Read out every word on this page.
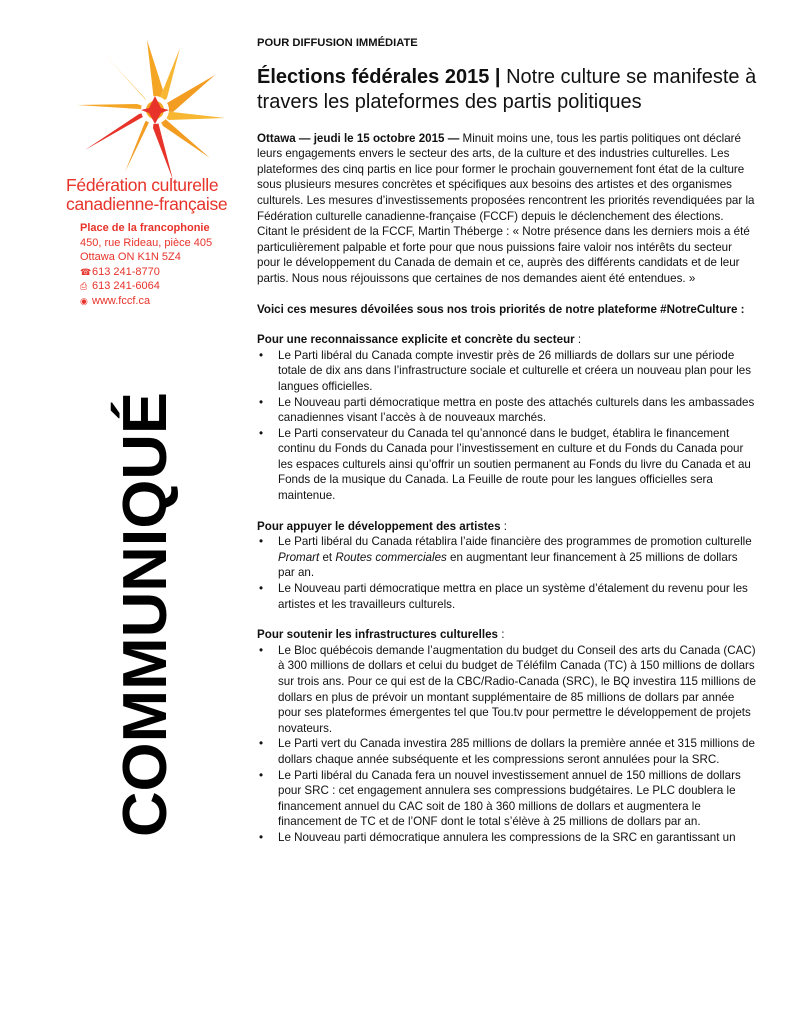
Fédération culturelle
canadienne-française
Place de la francophonie
450, rue Rideau, pièce 405
Ottawa ON K1N 5Z4
☎613 241-8770
⎙ 613 241-6064
◉ www.fccf.ca
COMMUNIQUÉ
POUR DIFFUSION IMMÉDIATE
Élections fédérales 2015 | Notre culture se manifeste à travers les plateformes des partis politiques

Ottawa — jeudi le 15 octobre 2015 — Minuit moins une, tous les partis politiques ont déclaré leurs engagements envers le secteur des arts, de la culture et des industries culturelles. Les plateformes des cinq partis en lice pour former le prochain gouvernement font état de la culture sous plusieurs mesures concrètes et spécifiques aux besoins des artistes et des organismes culturels. Les mesures d’investissements proposées rencontrent les priorités revendiquées par la Fédération culturelle canadienne-française (FCCF) depuis le déclenchement des élections. Citant le président de la FCCF, Martin Théberge : « Notre présence dans les derniers mois a été particulièrement palpable et forte pour que nous puissions faire valoir nos intérêts du secteur pour le développement du Canada de demain et ce, auprès des différents candidats et de leur partis. Nous nous réjouissons que certaines de nos demandes aient été entendues. »

Voici ces mesures dévoilées sous nos trois priorités de notre plateforme #NotreCulture :

Pour une reconnaissance explicite et concrète du secteur :
• Le Parti libéral du Canada compte investir près de 26 milliards de dollars sur une période totale de dix ans dans l’infrastructure sociale et culturelle et créera un nouveau plan pour les langues officielles.
• Le Nouveau parti démocratique mettra en poste des attachés culturels dans les ambassades canadiennes visant l’accès à de nouveaux marchés.
• Le Parti conservateur du Canada tel qu’annoncé dans le budget, établira le financement continu du Fonds du Canada pour l’investissement en culture et du Fonds du Canada pour les espaces culturels ainsi qu’offrir un soutien permanent au Fonds du livre du Canada et au Fonds de la musique du Canada. La Feuille de route pour les langues officielles sera maintenue.
Pour appuyer le développement des artistes :
• Le Parti libéral du Canada rétablira l’aide financière des programmes de promotion culturelle Promart et Routes commerciales en augmentant leur financement à 25 millions de dollars par an.
• Le Nouveau parti démocratique mettra en place un système d’étalement du revenu pour les artistes et les travailleurs culturels.
Pour soutenir les infrastructures culturelles :
• Le Bloc québécois demande l’augmentation du budget du Conseil des arts du Canada (CAC) à 300 millions de dollars et celui du budget de Téléfilm Canada (TC) à 150 millions de dollars sur trois ans. Pour ce qui est de la CBC/Radio-Canada (SRC), le BQ investira 115 millions de dollars en plus de prévoir un montant supplémentaire de 85 millions de dollars par année pour ses plateformes émergentes tel que Tou.tv pour permettre le développement de projets novateurs.
• Le Parti vert du Canada investira 285 millions de dollars la première année et 315 millions de dollars chaque année subséquente et les compressions seront annulées pour la SRC.
• Le Parti libéral du Canada fera un nouvel investissement annuel de 150 millions de dollars pour SRC : cet engagement annulera ses compressions budgétaires. Le PLC doublera le financement annuel du CAC soit de 180 à 360 millions de dollars et augmentera le financement de TC et de l’ONF dont le total s’élève à 25 millions de dollars par an.
• Le Nouveau parti démocratique annulera les compressions de la SRC en garantissant un
